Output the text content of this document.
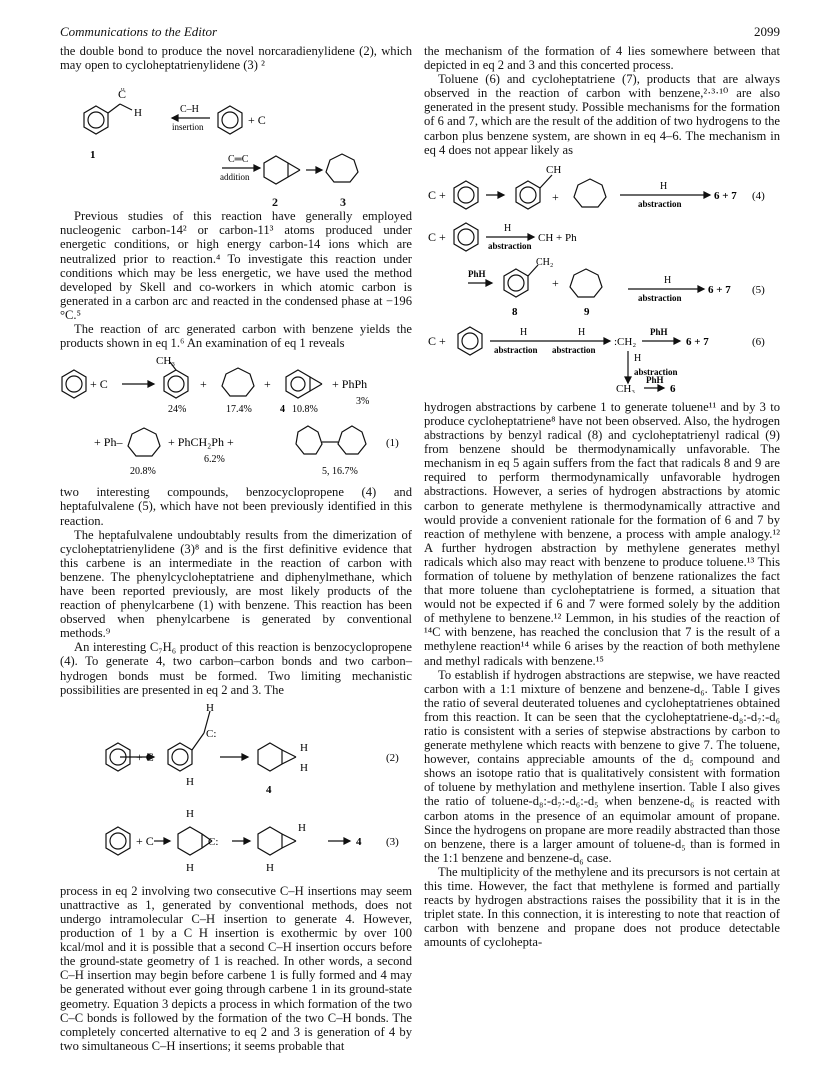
Communications to the Editor	2099

the double bond to produce the novel norcaradienylidene (2), which may open to cycloheptatrienylidene (3) ²

C̈
H	C–H
insertion	+ C
1	C═C
addition
2	3

Previous studies of this reaction have generally employed nucleogenic carbon-14² or carbon-11³ atoms produced under energetic conditions, or high energy carbon-14 ions which are neutralized prior to reaction.⁴ To investigate this reaction under conditions which may be less energetic, we have used the method developed by Skell and co-workers in which atomic carbon is generated in a carbon arc and reacted in the condensed phase at −196 °C.⁵

The reaction of arc generated carbon with benzene yields the products shown in eq 1.⁶ An examination of eq 1 reveals

+ C
CH₃
+	+	+ PhPh
24%	17.4%	4 10.8%
3%
+ Ph–	+ PhCH₂Ph +
6.2%
20.8%	5, 16.7%
(1)

two interesting compounds, benzocyclopropene (4) and heptafulvalene (5), which have not been previously identified in this reaction.

The heptafulvalene undoubtably results from the dimerization of cycloheptatrienylidene (3)⁸ and is the first definitive evidence that this carbene is an intermediate in the reaction of carbon with benzene. The phenylcycloheptatriene and diphenylmethane, which have been reported previously, are most likely products of the reaction of phenylcarbene (1) with benzene. This reaction has been observed when phenylcarbene is generated by conventional methods.⁹

An interesting C₇H₆ product of this reaction is benzocyclopropene (4). To generate 4, two carbon–carbon bonds and two carbon–hydrogen bonds must be formed. Two limiting mechanistic possibilities are presented in eq 2 and 3. The

+ C
H
C:
H
H
H
4
(2)
+ C
H
C:
H
H
H
4 (3)

process in eq 2 involving two consecutive C–H insertions may seem unattractive as 1, generated by conventional methods, does not undergo intramolecular C–H insertion to generate 4. However, production of 1 by a C H insertion is exothermic by over 100 kcal/mol and it is possible that a second C–H insertion occurs before the ground-state geometry of 1 is reached. In other words, a second C–H insertion may begin before carbene 1 is fully formed and 4 may be generated without ever going through carbene 1 in its ground-state geometry. Equation 3 depicts a process in which formation of the two C–C bonds is followed by the formation of the two C–H bonds. The completely concerted alternative to eq 2 and 3 is generation of 4 by two simultaneous C–H insertions; it seems probable that

the mechanism of the formation of 4 lies somewhere between that depicted in eq 2 and 3 and this concerted process.

Toluene (6) and cycloheptatriene (7), products that are always observed in the reaction of carbon with benzene,²·³·¹⁰ are also generated in the present study. Possible mechanisms for the formation of 6 and 7, which are the result of the addition of two hydrogens to the carbon plus benzene system, are shown in eq 4–6. The mechanism in eq 4 does not appear likely as

C +
CH
+
H
abstraction
6 + 7 (4)
C +
H
abstraction
CH + Ph
CH₂
PhH
+	H
abstraction
6 + 7 (5)
8	9
C +
H
abstraction
H
abstraction
:CH₂
PhH
6 + 7	(6)
H
abstraction
CH₃
PhH
6

hydrogen abstractions by carbene 1 to generate toluene¹¹ and by 3 to produce cycloheptatriene⁸ have not been observed. Also, the hydrogen abstractions by benzyl radical (8) and cycloheptatrienyl radical (9) from benzene should be thermodynamically unfavorable. The mechanism in eq 5 again suffers from the fact that radicals 8 and 9 are required to perform thermodynamically unfavorable hydrogen abstractions. However, a series of hydrogen abstractions by atomic carbon to generate methylene is thermodynamically attractive and would provide a convenient rationale for the formation of 6 and 7 by reaction of methylene with benzene, a process with ample analogy.¹² A further hydrogen abstraction by methylene generates methyl radicals which also may react with benzene to produce toluene.¹³ This formation of toluene by methylation of benzene rationalizes the fact that more toluene than cycloheptatriene is formed, a situation that would not be expected if 6 and 7 were formed solely by the addition of methylene to benzene.¹² Lemmon, in his studies of the reaction of ¹⁴C with benzene, has reached the conclusion that 7 is the result of a methylene reaction¹⁴ while 6 arises by the reaction of both methylene and methyl radicals with benzene.¹⁵

To establish if hydrogen abstractions are stepwise, we have reacted carbon with a 1:1 mixture of benzene and benzene-d₆. Table I gives the ratio of several deuterated toluenes and cycloheptatrienes obtained from this reaction. It can be seen that the cycloheptatriene-d₈:-d₇:-d₆ ratio is consistent with a series of stepwise abstractions by carbon to generate methylene which reacts with benzene to give 7. The toluene, however, contains appreciable amounts of the d₅ compound and shows an isotope ratio that is qualitatively consistent with formation of toluene by methylation and methylene insertion. Table I also gives the ratio of toluene-d₈:-d₇:-d₆:-d₅ when benzene-d₆ is reacted with carbon atoms in the presence of an equimolar amount of propane. Since the hydrogens on propane are more readily abstracted than those on benzene, there is a larger amount of toluene-d₅ than is formed in the 1:1 benzene and benzene-d₆ case.

The multiplicity of the methylene and its precursors is not certain at this time. However, the fact that methylene is formed and partially reacts by hydrogen abstractions raises the possibility that it is in the triplet state. In this connection, it is interesting to note that reaction of carbon with benzene and propane does not produce detectable amounts of cyclohepta-
